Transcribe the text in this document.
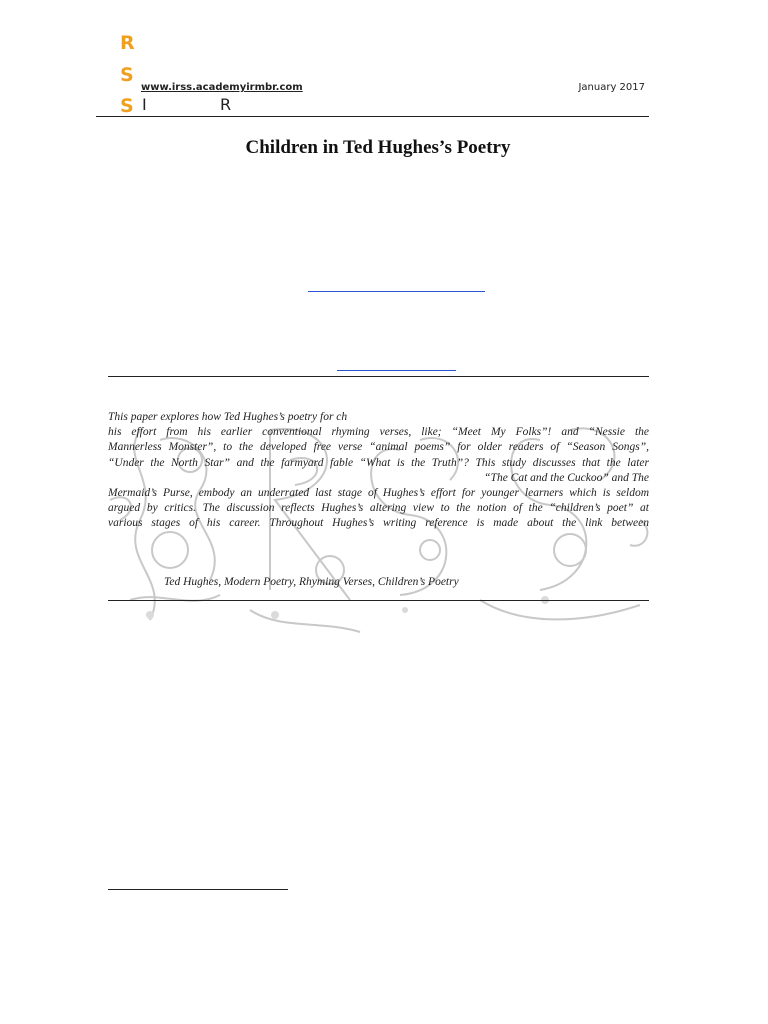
R
S
S I	R
www.irss.academyirmbr.com	January 2017
Children in Ted Hughes’s Poetry
This paper explores how Ted Hughes’s poetry for ch
his effort from his earlier conventional rhyming verses, like; “Meet My Folks”! and “Nessie the
Mannerless Monster”, to the developed free verse “animal poems” for older readers of “Season Songs”,
“Under the North Star” and the farmyard fable “What is the Truth”? This study discusses that the later
“The Cat and the Cuckoo” and The
Mermaid’s Purse, embody an underrated last stage of Hughes’s effort for younger learners which is seldom
argued by critics. The discussion reflects Hughes’s altering view to the notion of the “children’s poet” at
various stages of his career. Throughout Hughes’s writing reference is made about the link between
Ted Hughes, Modern Poetry, Rhyming Verses, Children’s Poetry
